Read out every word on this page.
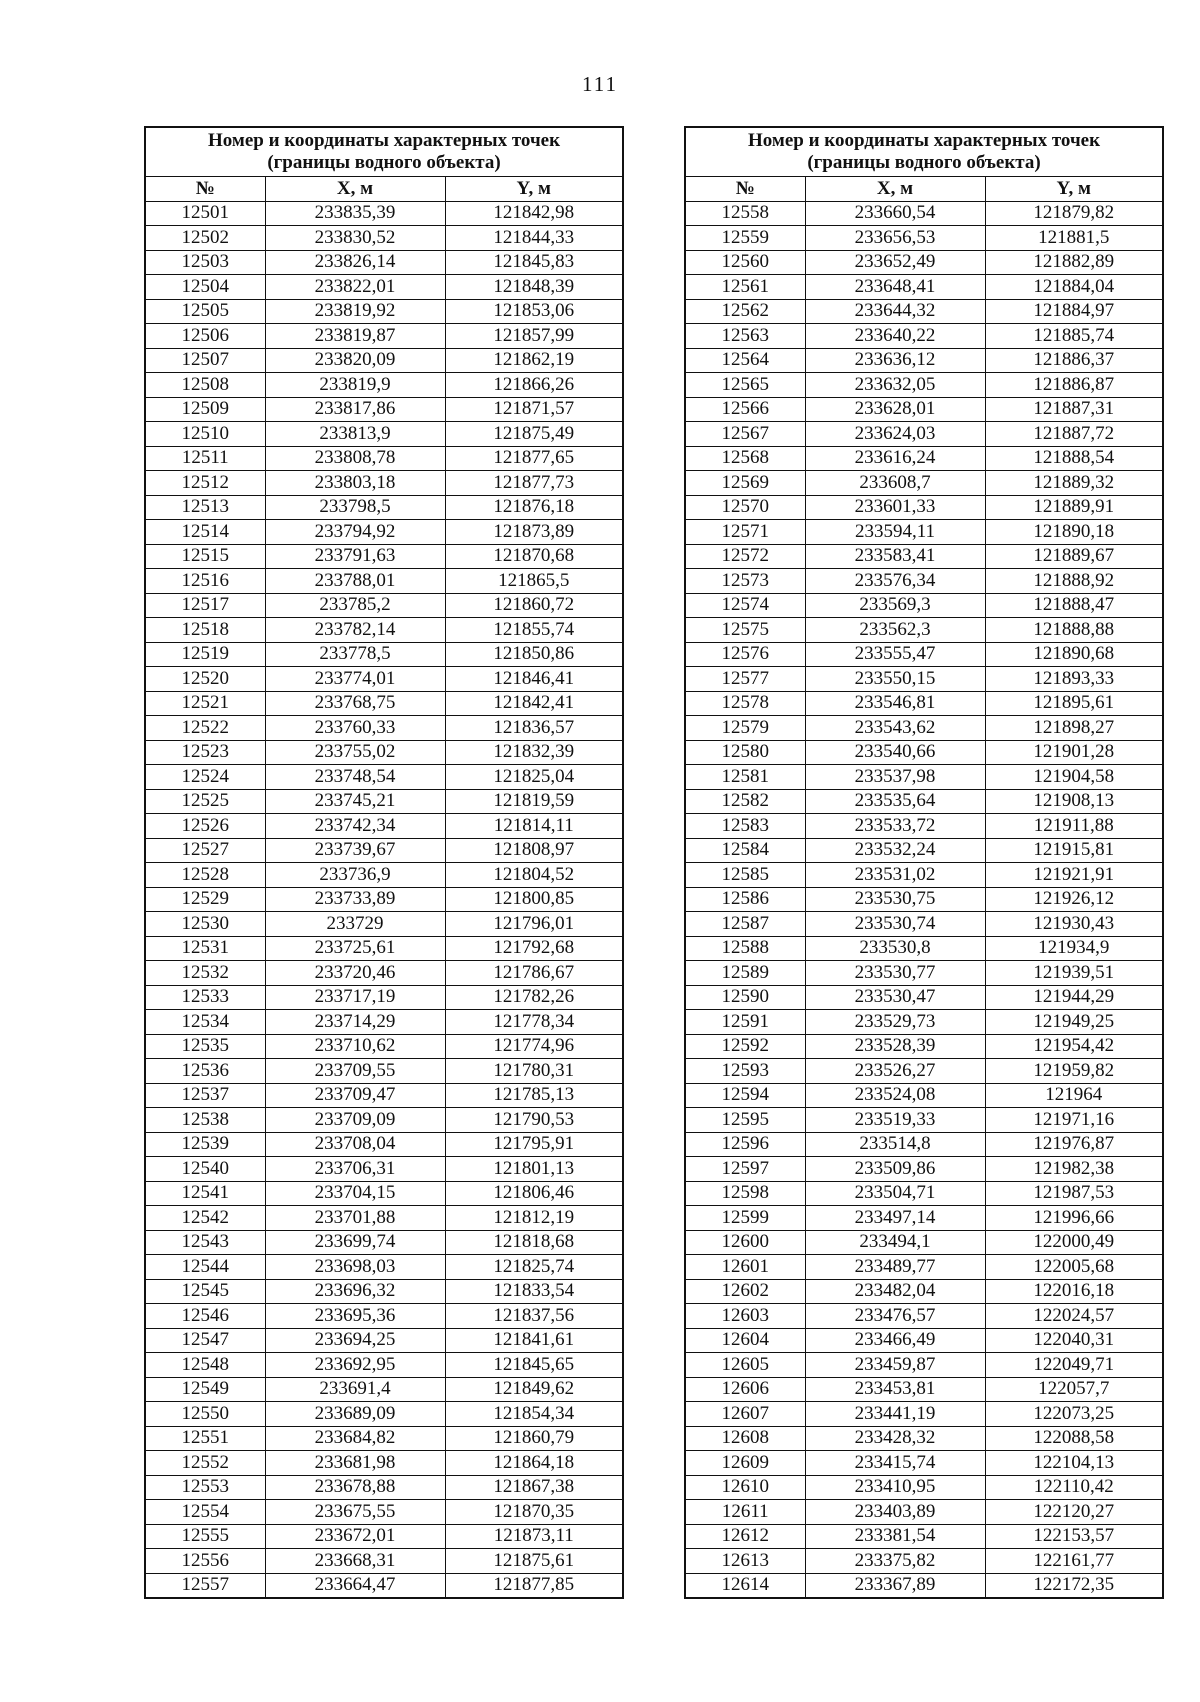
111
Номер и координаты характерных точек
(границы водного объекта)		
№	X, м	Y, м
12501	233835,39	121842,98
12502	233830,52	121844,33
12503	233826,14	121845,83
12504	233822,01	121848,39
12505	233819,92	121853,06
12506	233819,87	121857,99
12507	233820,09	121862,19
12508	233819,9	121866,26
12509	233817,86	121871,57
12510	233813,9	121875,49
12511	233808,78	121877,65
12512	233803,18	121877,73
12513	233798,5	121876,18
12514	233794,92	121873,89
12515	233791,63	121870,68
12516	233788,01	121865,5
12517	233785,2	121860,72
12518	233782,14	121855,74
12519	233778,5	121850,86
12520	233774,01	121846,41
12521	233768,75	121842,41
12522	233760,33	121836,57
12523	233755,02	121832,39
12524	233748,54	121825,04
12525	233745,21	121819,59
12526	233742,34	121814,11
12527	233739,67	121808,97
12528	233736,9	121804,52
12529	233733,89	121800,85
12530	233729	121796,01
12531	233725,61	121792,68
12532	233720,46	121786,67
12533	233717,19	121782,26
12534	233714,29	121778,34
12535	233710,62	121774,96
12536	233709,55	121780,31
12537	233709,47	121785,13
12538	233709,09	121790,53
12539	233708,04	121795,91
12540	233706,31	121801,13
12541	233704,15	121806,46
12542	233701,88	121812,19
12543	233699,74	121818,68
12544	233698,03	121825,74
12545	233696,32	121833,54
12546	233695,36	121837,56
12547	233694,25	121841,61
12548	233692,95	121845,65
12549	233691,4	121849,62
12550	233689,09	121854,34
12551	233684,82	121860,79
12552	233681,98	121864,18
12553	233678,88	121867,38
12554	233675,55	121870,35
12555	233672,01	121873,11
12556	233668,31	121875,61
12557	233664,47	121877,85
Номер и координаты характерных точек
(границы водного объекта)		
№	X, м	Y, м
12558	233660,54	121879,82
12559	233656,53	121881,5
12560	233652,49	121882,89
12561	233648,41	121884,04
12562	233644,32	121884,97
12563	233640,22	121885,74
12564	233636,12	121886,37
12565	233632,05	121886,87
12566	233628,01	121887,31
12567	233624,03	121887,72
12568	233616,24	121888,54
12569	233608,7	121889,32
12570	233601,33	121889,91
12571	233594,11	121890,18
12572	233583,41	121889,67
12573	233576,34	121888,92
12574	233569,3	121888,47
12575	233562,3	121888,88
12576	233555,47	121890,68
12577	233550,15	121893,33
12578	233546,81	121895,61
12579	233543,62	121898,27
12580	233540,66	121901,28
12581	233537,98	121904,58
12582	233535,64	121908,13
12583	233533,72	121911,88
12584	233532,24	121915,81
12585	233531,02	121921,91
12586	233530,75	121926,12
12587	233530,74	121930,43
12588	233530,8	121934,9
12589	233530,77	121939,51
12590	233530,47	121944,29
12591	233529,73	121949,25
12592	233528,39	121954,42
12593	233526,27	121959,82
12594	233524,08	121964
12595	233519,33	121971,16
12596	233514,8	121976,87
12597	233509,86	121982,38
12598	233504,71	121987,53
12599	233497,14	121996,66
12600	233494,1	122000,49
12601	233489,77	122005,68
12602	233482,04	122016,18
12603	233476,57	122024,57
12604	233466,49	122040,31
12605	233459,87	122049,71
12606	233453,81	122057,7
12607	233441,19	122073,25
12608	233428,32	122088,58
12609	233415,74	122104,13
12610	233410,95	122110,42
12611	233403,89	122120,27
12612	233381,54	122153,57
12613	233375,82	122161,77
12614	233367,89	122172,35
